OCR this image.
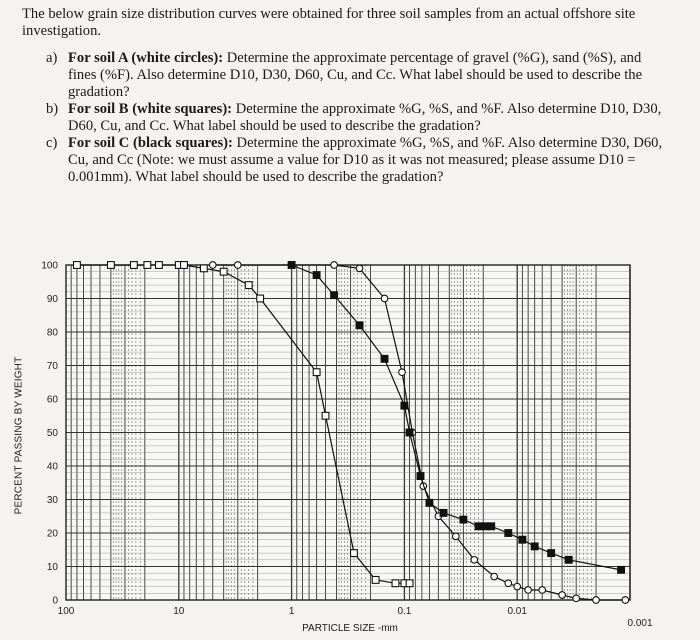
The below grain size distribution curves were obtained for three soil samples from an actual offshore site investigation.
a) For soil A (white circles): Determine the approximate percentage of gravel (%G), sand (%S), and fines (%F). Also determine D10, D30, D60, Cu, and Cc. What label should be used to describe the gradation?
b) For soil B (white squares): Determine the approximate %G, %S, and %F. Also determine D10, D30, D60, Cu, and Cc. What label should be used to describe the gradation?
c) For soil C (black squares): Determine the approximate %G, %S, and %F. Also determine D30, D60, Cu, and Cc (Note: we must assume a value for D10 as it was not measured; please assume D10 = 0.001mm). What label should be used to describe the gradation?
0
10
20
30
40
50
60
70
80
90
100
100	10	1	0.1	0.01
0.001
PERCENT PASSING BY WEIGHT
PARTICLE SIZE -mm
